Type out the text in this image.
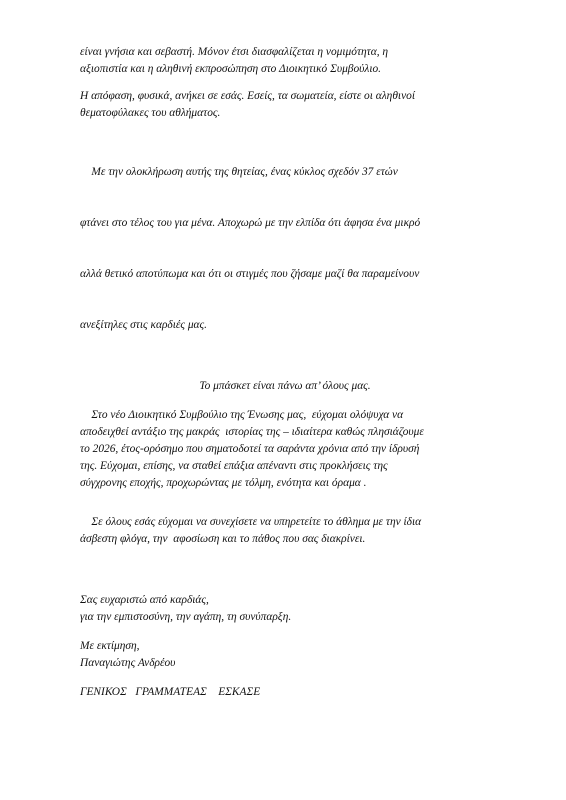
είναι γνήσια και σεβαστή. Μόνον έτσι διασφαλίζεται η νομιμότητα, η
αξιοπιστία και η αληθινή εκπροσώπηση στο Διοικητικό Συμβούλιο.

Η απόφαση, φυσικά, ανήκει σε εσάς. Εσείς, τα σωματεία, είστε οι αληθινοί
θεματοφύλακες του αθλήματος.

Με την ολοκλήρωση αυτής της θητείας, ένας κύκλος σχεδόν 37 ετών

φτάνει στο τέλος του για μένα. Αποχωρώ με την ελπίδα ότι άφησα ένα μικρό

αλλά θετικό αποτύπωμα και ότι οι στιγμές που ζήσαμε μαζί θα παραμείνουν

ανεξίτηλες στις καρδιές μας.

Το μπάσκετ είναι πάνω απ’ όλους μας.

Στο νέο Διοικητικό Συμβούλιο της Ένωσης μας,  εύχομαι ολόψυχα να
αποδειχθεί αντάξιο της μακράς  ιστορίας της – ιδιαίτερα καθώς πλησιάζουμε
το 2026, έτος-ορόσημο που σηματοδοτεί τα σαράντα χρόνια από την ίδρυσή
της. Εύχομαι, επίσης, να σταθεί επάξια απέναντι στις προκλήσεις της
σύγχρονης εποχής, προχωρώντας με τόλμη, ενότητα και όραμα .

Σε όλους εσάς εύχομαι να συνεχίσετε να υπηρετείτε το άθλημα με την ίδια
άσβεστη φλόγα, την  αφοσίωση και το πάθος που σας διακρίνει.

Σας ευχαριστώ από καρδιάς,
για την εμπιστοσύνη, την αγάπη, τη συνύπαρξη.

Με εκτίμηση,
Παναγιώτης Ανδρέου

ΓΕΝΙΚΟΣ   ΓΡΑΜΜΑΤΕΑΣ    ΕΣΚΑΣΕ
